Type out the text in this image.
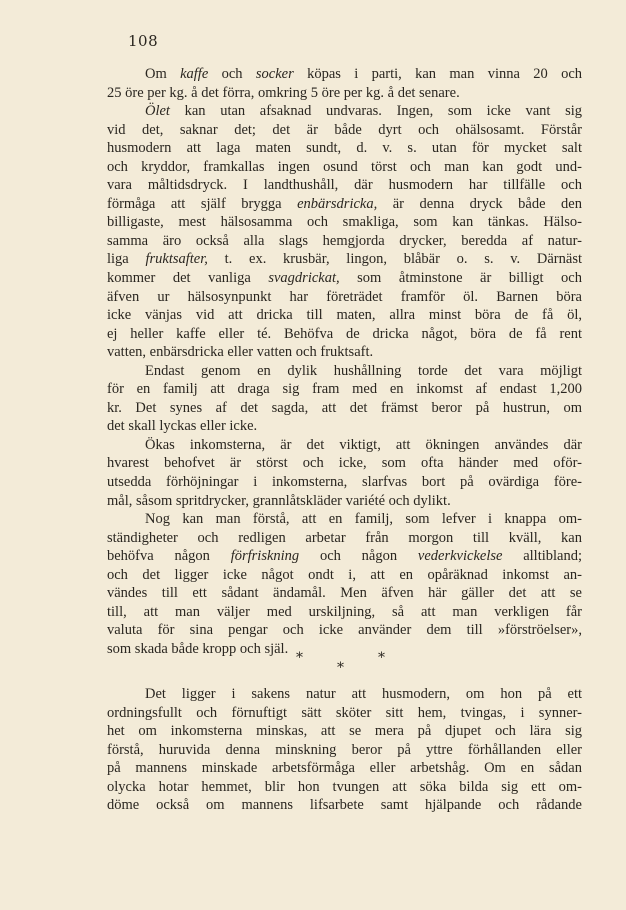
108
Om kaffe och socker köpas i parti, kan man vinna 20 och
25 öre per kg. å det förra, omkring 5 öre per kg. å det senare.
Ölet kan utan afsaknad undvaras. Ingen, som icke vant sig
vid det, saknar det; det är både dyrt och ohälsosamt. Förstår
husmodern att laga maten sundt, d. v. s. utan för mycket salt
och kryddor, framkallas ingen osund törst och man kan godt und-
vara måltidsdryck. I landthushåll, där husmodern har tillfälle och
förmåga att själf brygga enbärsdricka, är denna dryck både den
billigaste, mest hälsosamma och smakliga, som kan tänkas. Hälso-
samma äro också alla slags hemgjorda drycker, beredda af natur-
liga fruktsafter, t. ex. krusbär, lingon, blåbär o. s. v. Därnäst
kommer det vanliga svagdrickat, som åtminstone är billigt och
äfven ur hälsosynpunkt har företrädet framför öl. Barnen böra
icke vänjas vid att dricka till maten, allra minst böra de få öl,
ej heller kaffe eller té. Behöfva de dricka något, böra de få rent
vatten, enbärsdricka eller vatten och fruktsaft.
Endast genom en dylik hushållning torde det vara möjligt
för en familj att draga sig fram med en inkomst af endast 1,200
kr. Det synes af det sagda, att det främst beror på hustrun, om
det skall lyckas eller icke.
Ökas inkomsterna, är det viktigt, att ökningen användes där
hvarest behofvet är störst och icke, som ofta händer med oför-
utsedda förhöjningar i inkomsterna, slarfvas bort på ovärdiga före-
mål, såsom spritdrycker, grannlåtskläder variété och dylikt.
Nog kan man förstå, att en familj, som lefver i knappa om-
ständigheter och redligen arbetar från morgon till kväll, kan
behöfva någon förfriskning och någon vederkvickelse alltibland;
och det ligger icke något ondt i, att en opåräknad inkomst an-
vändes till ett sådant ändamål. Men äfven här gäller det att se
till, att man väljer med urskiljning, så att man verkligen får
valuta för sina pengar och icke använder dem till »förströelser»,
som skada både kropp och själ.
*	*
*
Det ligger i sakens natur att husmodern, om hon på ett
ordningsfullt och förnuftigt sätt sköter sitt hem, tvingas, i synner-
het om inkomsterna minskas, att se mera på djupet och lära sig
förstå, huruvida denna minskning beror på yttre förhållanden eller
på mannens minskade arbetsförmåga eller arbetshåg. Om en sådan
olycka hotar hemmet, blir hon tvungen att söka bilda sig ett om-
döme också om mannens lifsarbete samt hjälpande och rådande
